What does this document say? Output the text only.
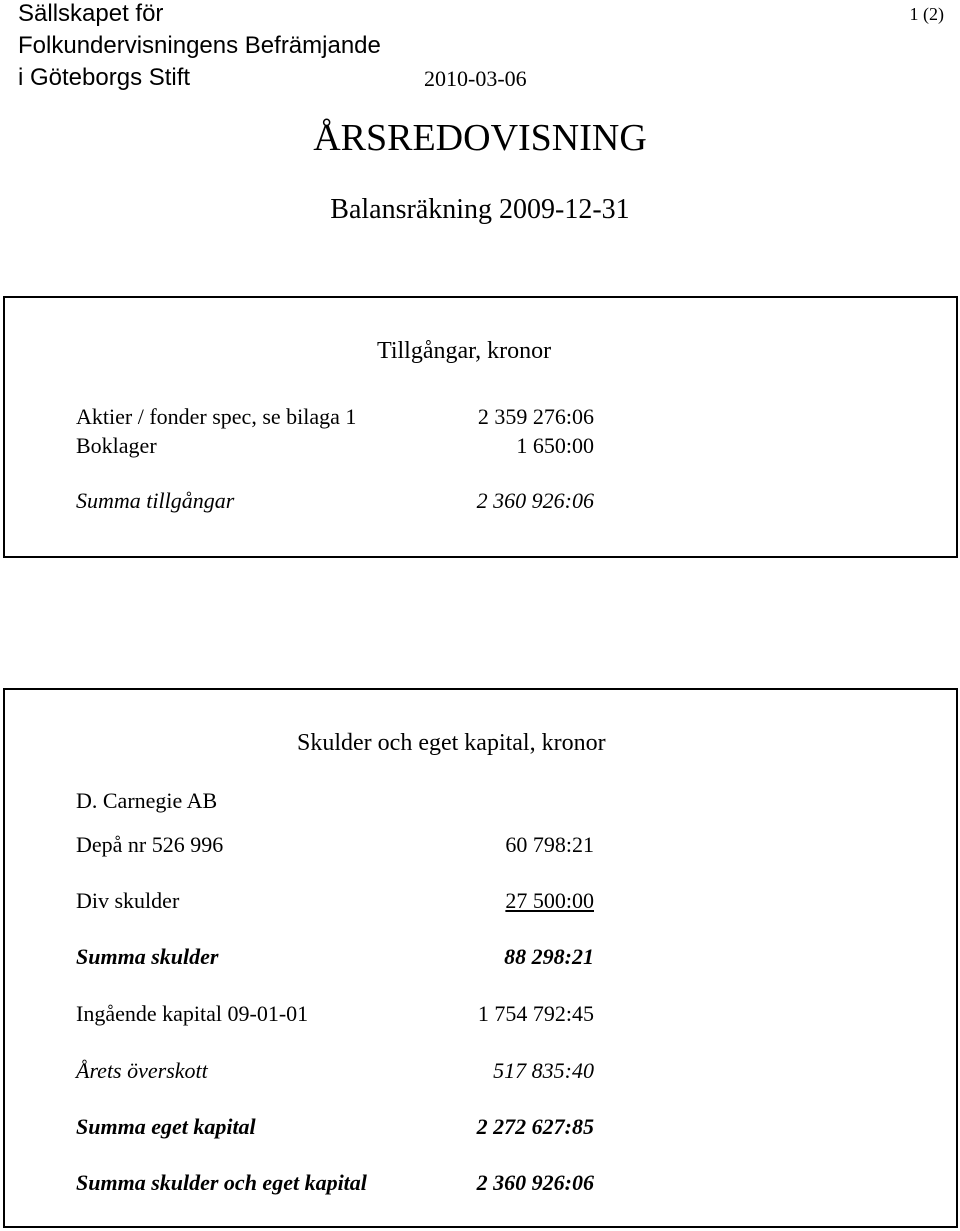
Sällskapet för
Folkundervisningens Befrämjande
i Göteborgs Stift	2010-03-06
1 (2)
ÅRSREDOVISNING
Balansräkning 2009-12-31
Tillgångar, kronor
Aktier / fonder spec, se bilaga 1	2 359 276:06
Boklager	1 650:00
Summa tillgångar	2 360 926:06
Skulder och eget kapital, kronor
D. Carnegie AB
Depå nr 526 996	60 798:21
Div skulder	27 500:00
Summa skulder	88 298:21
Ingående kapital 09-01-01	1 754 792:45
Årets överskott	517 835:40
Summa eget kapital	2 272 627:85
Summa skulder och eget kapital	2 360 926:06
